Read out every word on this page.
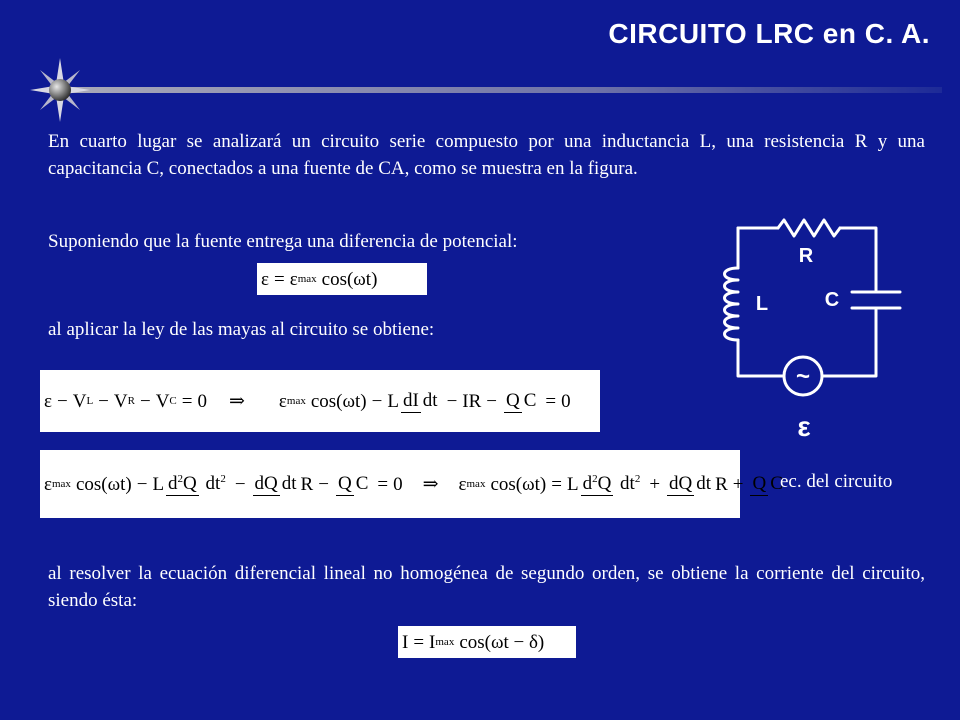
CIRCUITO LRC en C. A.
En cuarto lugar se analizará un circuito serie compuesto por una inductancia L, una resistencia R y una capacitancia C, conectados a una fuente de CA, como se muestra en la figura.
Suponiendo que la fuente entrega una diferencia de potencial:
al aplicar la ley de las mayas al circuito se obtiene:
ec. del circuito
al resolver la ecuación diferencial lineal no homogénea de segundo orden, se obtiene la corriente del circuito, siendo ésta:
ε = ε max cos(ωt)
ε − V L − V R − V C = 0 ⇒ ε max cos(ωt) − L dI dt − IR − Q C = 0
ε max cos(ωt) − L d2Q dt2 − dQ dt R − Q C = 0 ⇒ ε max cos(ωt) = L d2Q dt2 + dQ dt R + Q C
I = I max cos(ωt − δ)
~
R
L	C
ε
